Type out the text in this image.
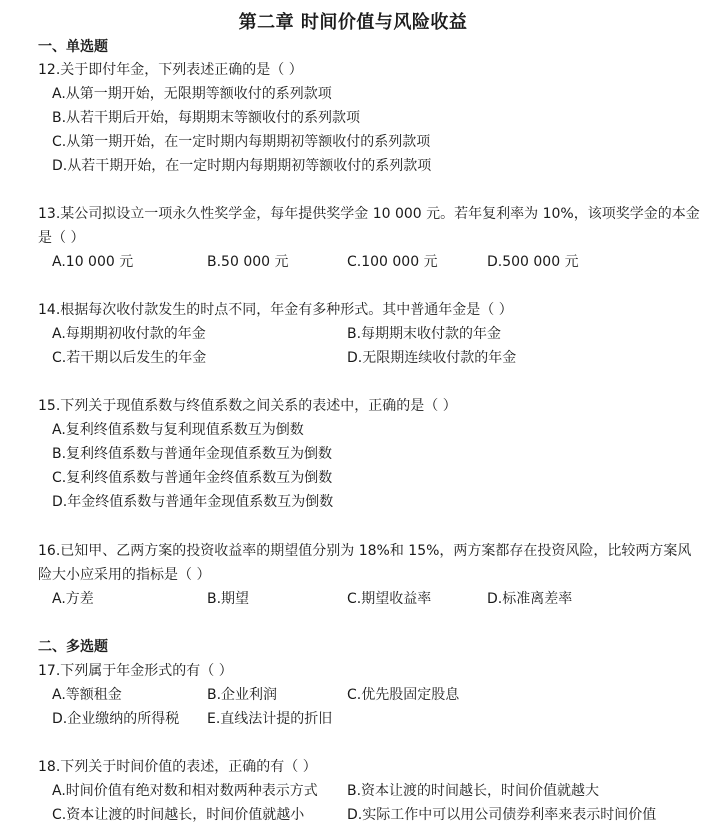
第二章 时间价值与风险收益
一、单选题
12.关于即付年金，下列表述正确的是（ ）
A.从第一期开始，无限期等额收付的系列款项
B.从若干期后开始，每期期末等额收付的系列款项
C.从第一期开始，在一定时期内每期期初等额收付的系列款项
D.从若干期开始，在一定时期内每期期初等额收付的系列款项
13.某公司拟设立一项永久性奖学金，每年提供奖学金 10 000 元。若年复利率为 10%，该项奖学金的本金
是（ ）
A.10 000 元	B.50 000 元	C.100 000 元	D.500 000 元
14.根据每次收付款发生的时点不同，年金有多种形式。其中普通年金是（ ）
A.每期期初收付款的年金	B.每期期末收付款的年金
C.若干期以后发生的年金	D.无限期连续收付款的年金
15.下列关于现值系数与终值系数之间关系的表述中，正确的是（ ）
A.复利终值系数与复利现值系数互为倒数
B.复利终值系数与普通年金现值系数互为倒数
C.复利终值系数与普通年金终值系数互为倒数
D.年金终值系数与普通年金现值系数互为倒数
16.已知甲、乙两方案的投资收益率的期望值分别为 18%和 15%，两方案都存在投资风险，比较两方案风
险大小应采用的指标是（ ）
A.方差	B.期望	C.期望收益率	D.标准离差率
二、多选题
17.下列属于年金形式的有（ ）
A.等额租金	B.企业利润	C.优先股固定股息
D.企业缴纳的所得税 E.直线法计提的折旧
18.下列关于时间价值的表述，正确的有（ ）
A.时间价值有绝对数和相对数两种表示方式 B.资本让渡的时间越长，时间价值就越大
C.资本让渡的时间越长，时间价值就越小	D.实际工作中可以用公司债券利率来表示时间价值
